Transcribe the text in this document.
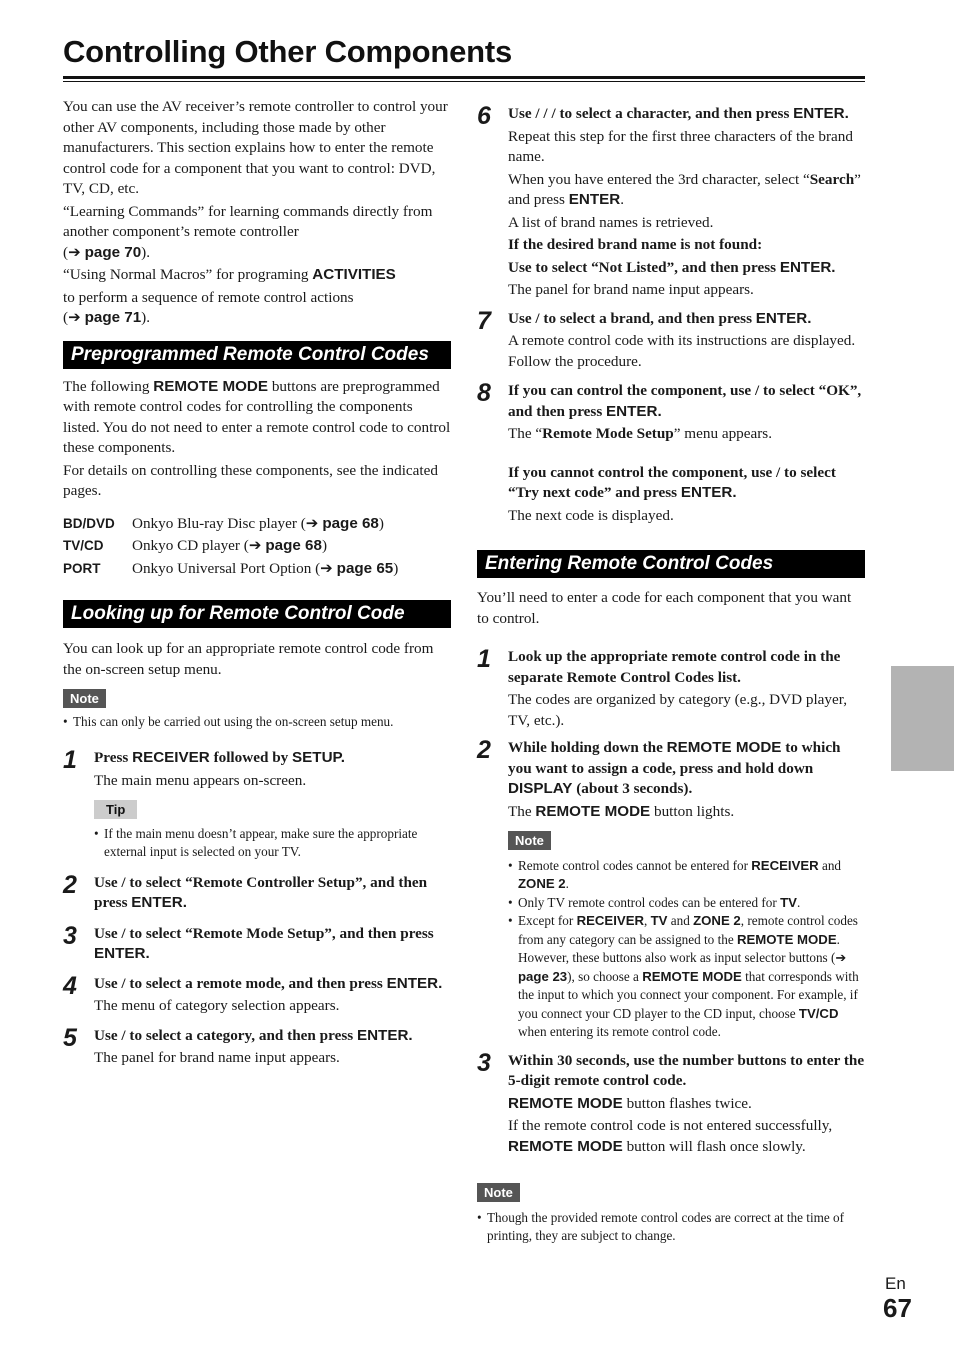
Controlling Other Components

You can use the AV receiver’s remote controller to control your other AV components, including those made by other manufacturers. This section explains how to enter the remote control code for a component that you want to control: DVD, TV, CD, etc.

“Learning Commands” for learning commands directly from another component’s remote controller
(➔ page 70).

“Using Normal Macros” for programing ACTIVITIES

to perform a sequence of remote control actions
(➔ page 71).

Preprogrammed Remote Control Codes

The following REMOTE MODE buttons are preprogrammed with remote control codes for controlling the components listed. You do not need to enter a remote control code to control these components.

For details on controlling these components, see the indicated pages.

BD/DVD	Onkyo Blu-ray Disc player (➔ page 68)
TV/CD	Onkyo CD player (➔ page 68)
PORT	Onkyo Universal Port Option (➔ page 65)
Looking up for Remote Control Code

You can look up for an appropriate remote control code from the on-screen setup menu.

Note

• This can only be carried out using the on-screen setup menu.

1 Press RECEIVER followed by SETUP.

The main menu appears on-screen.

Tip

• If the main menu doesn’t appear, make sure the appropriate external input is selected on your TV.

2 Use / to select “Remote Controller Setup”, and then press ENTER.

3 Use / to select “Remote Mode Setup”, and then press ENTER.

4 Use / to select a remote mode, and then press ENTER.

The menu of category selection appears.

5 Use / to select a category, and then press ENTER.

The panel for brand name input appears.

6 Use / / / to select a character, and then press ENTER.

Repeat this step for the first three characters of the brand name.

When you have entered the 3rd character, select “Search” and press ENTER.

A list of brand names is retrieved.

If the desired brand name is not found:

Use to select “Not Listed”, and then press ENTER.

The panel for brand name input appears.

7 Use / to select a brand, and then press ENTER.

A remote control code with its instructions are displayed. Follow the procedure.

8 If you can control the component, use / to select “OK”, and then press ENTER.

The “Remote Mode Setup” menu appears.

If you cannot control the component, use / to select “Try next code” and press ENTER.

The next code is displayed.

Entering Remote Control Codes

You’ll need to enter a code for each component that you want to control.

1 Look up the appropriate remote control code in the separate Remote Control Codes list.

The codes are organized by category (e.g., DVD player, TV, etc.).

2 While holding down the REMOTE MODE to which you want to assign a code, press and hold down DISPLAY (about 3 seconds).

The REMOTE MODE button lights.

Note

• Remote control codes cannot be entered for RECEIVER and ZONE 2.

• Only TV remote control codes can be entered for TV.

• Except for RECEIVER, TV and ZONE 2, remote control codes from any category can be assigned to the REMOTE MODE. However, these buttons also work as input selector buttons (➔ page 23), so choose a REMOTE MODE that corresponds with the input to which you connect your component. For example, if you connect your CD player to the CD input, choose TV/CD when entering its remote control code.

3 Within 30 seconds, use the number buttons to enter the 5-digit remote control code.

REMOTE MODE button flashes twice.

If the remote control code is not entered successfully, REMOTE MODE button will flash once slowly.

Note

• Though the provided remote control codes are correct at the time of printing, they are subject to change.

En
67
